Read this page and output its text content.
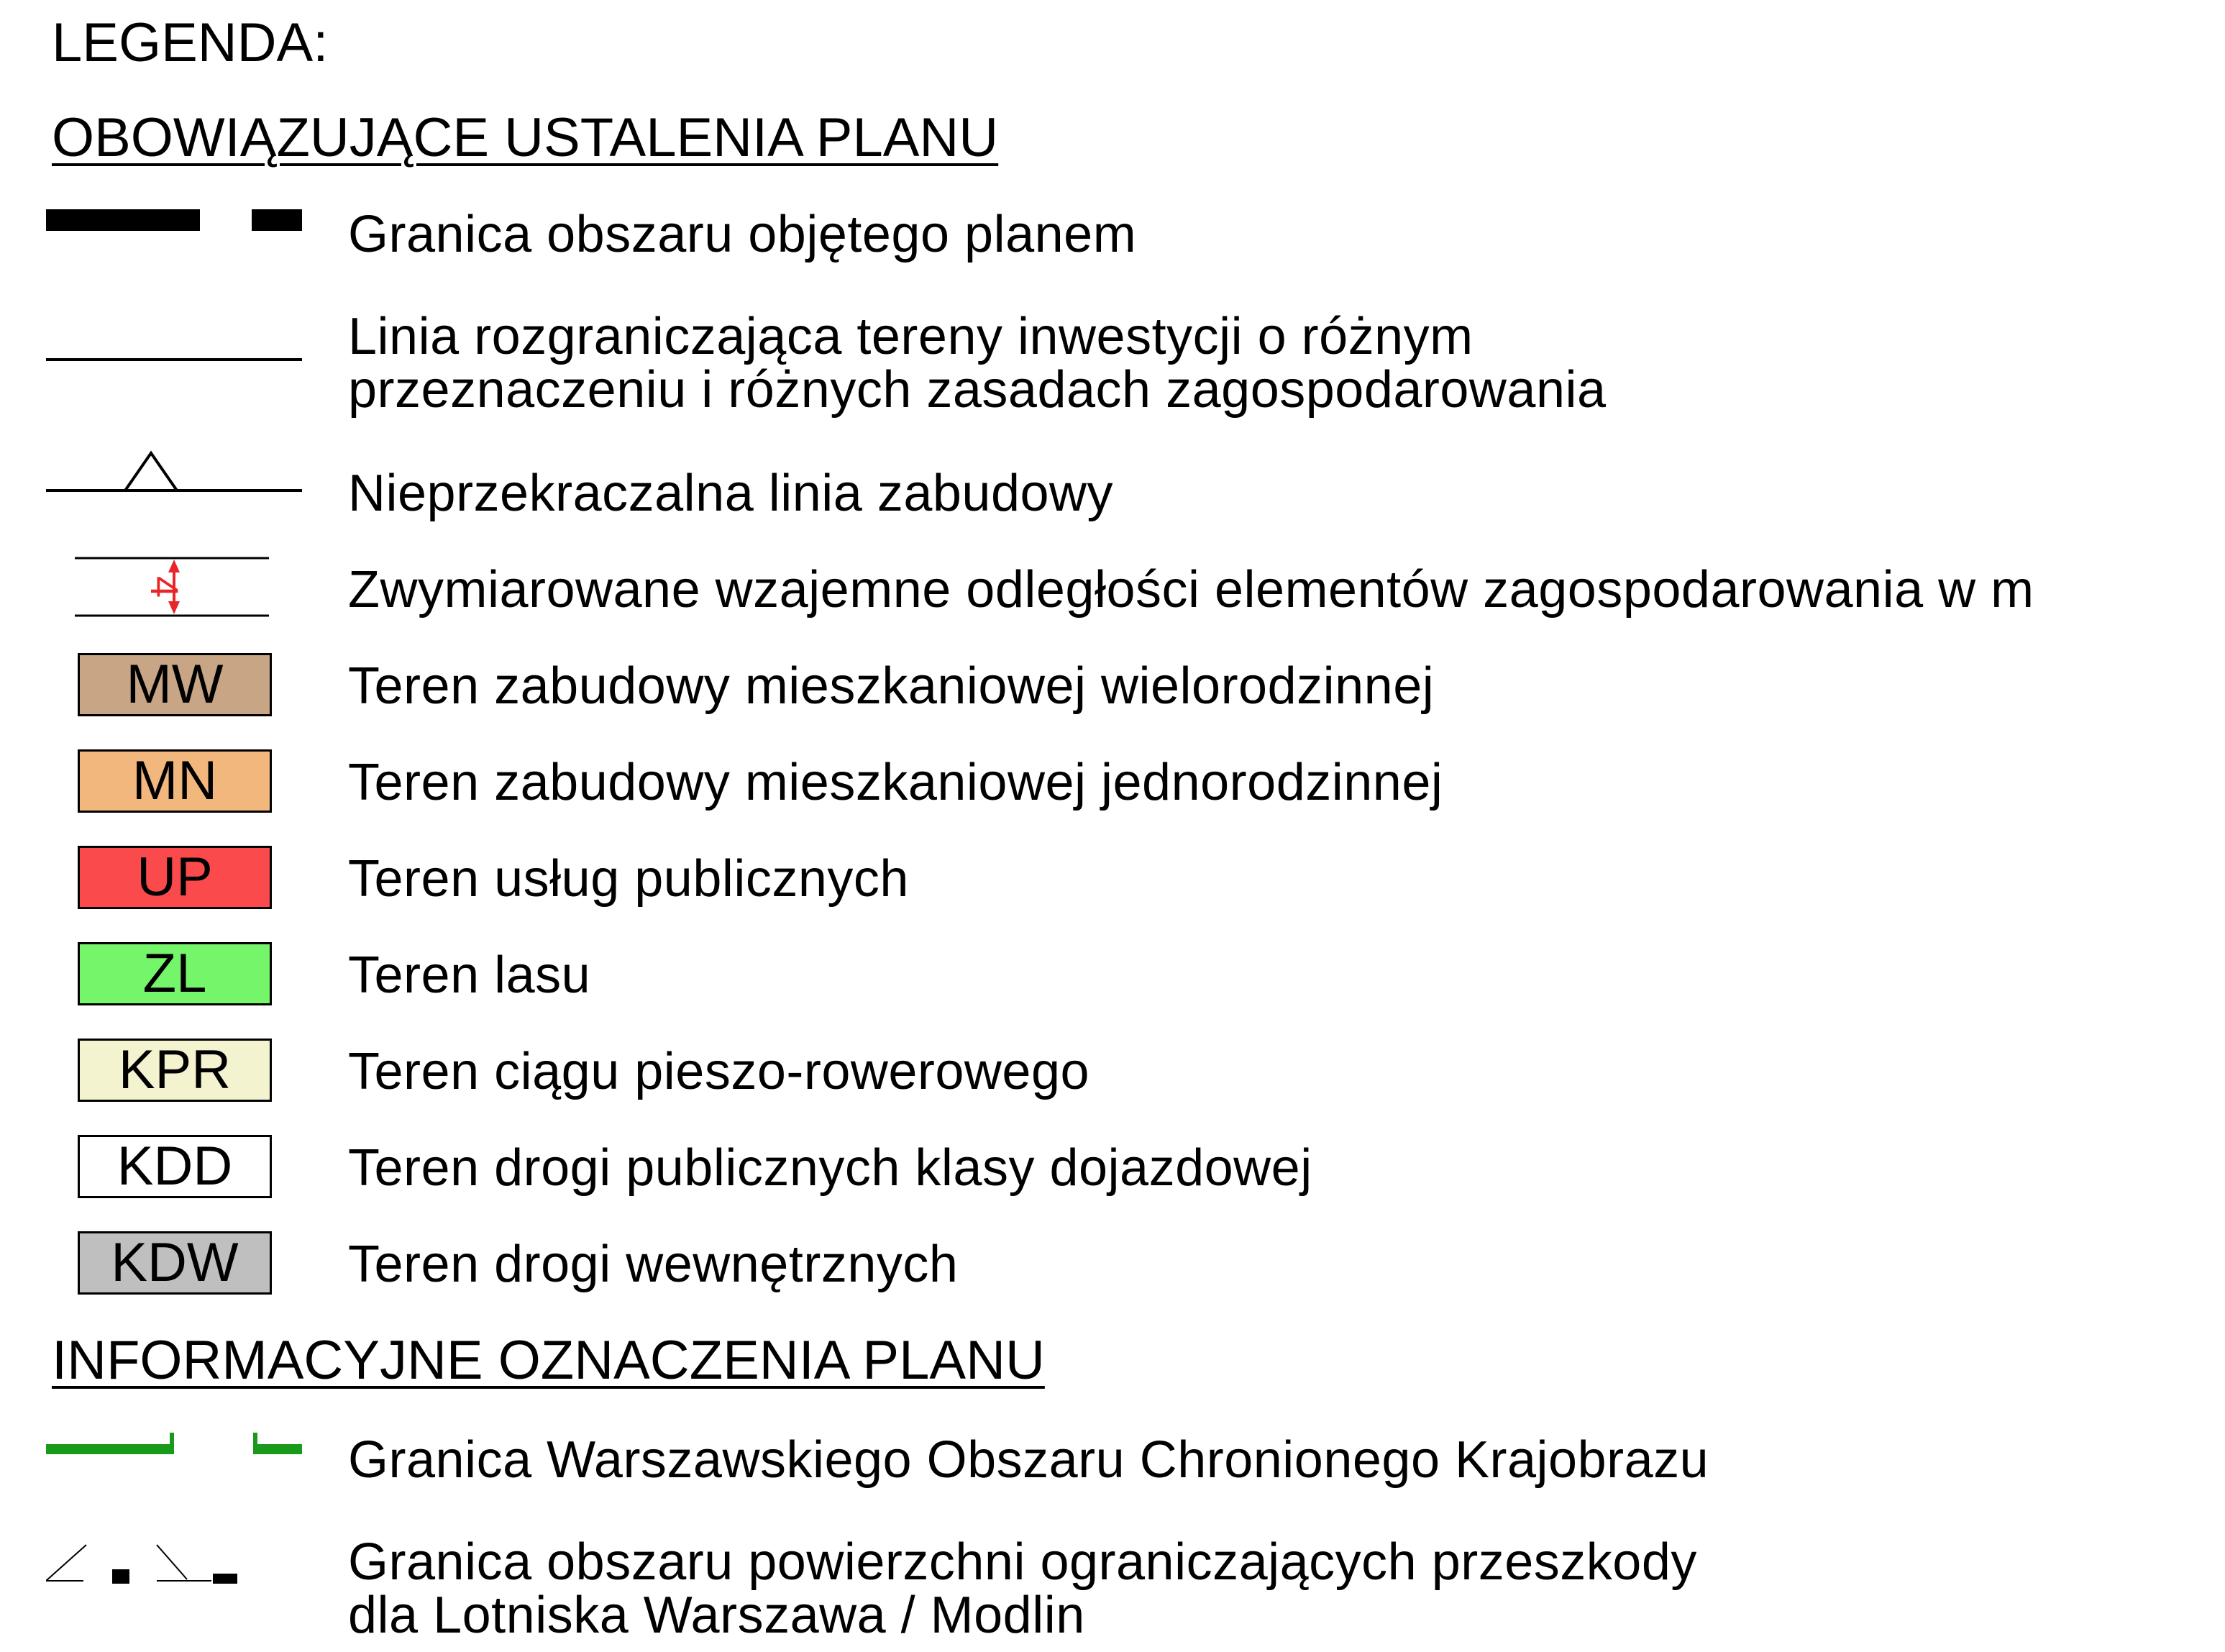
LEGENDA:
OBOWIĄZUJĄCE USTALENIA PLANU
Granica obszaru objętego planem
Linia rozgraniczająca tereny inwestycji o różnym
przeznaczeniu i różnych zasadach zagospodarowania
Nieprzekraczalna linia zabudowy
4	Zwymiarowane wzajemne odległości elementów zagospodarowania w m
MW	Teren zabudowy mieszkaniowej wielorodzinnej
MN	Teren zabudowy mieszkaniowej jednorodzinnej
UP	Teren usług publicznych
ZL	Teren lasu
KPR	Teren ciągu pieszo-rowerowego
KDD	Teren drogi publicznych klasy dojazdowej
KDW	Teren drogi wewnętrznych
INFORMACYJNE OZNACZENIA PLANU
Granica Warszawskiego Obszaru Chronionego Krajobrazu
Granica obszaru powierzchni ograniczających przeszkody
dla Lotniska Warszawa / Modlin
